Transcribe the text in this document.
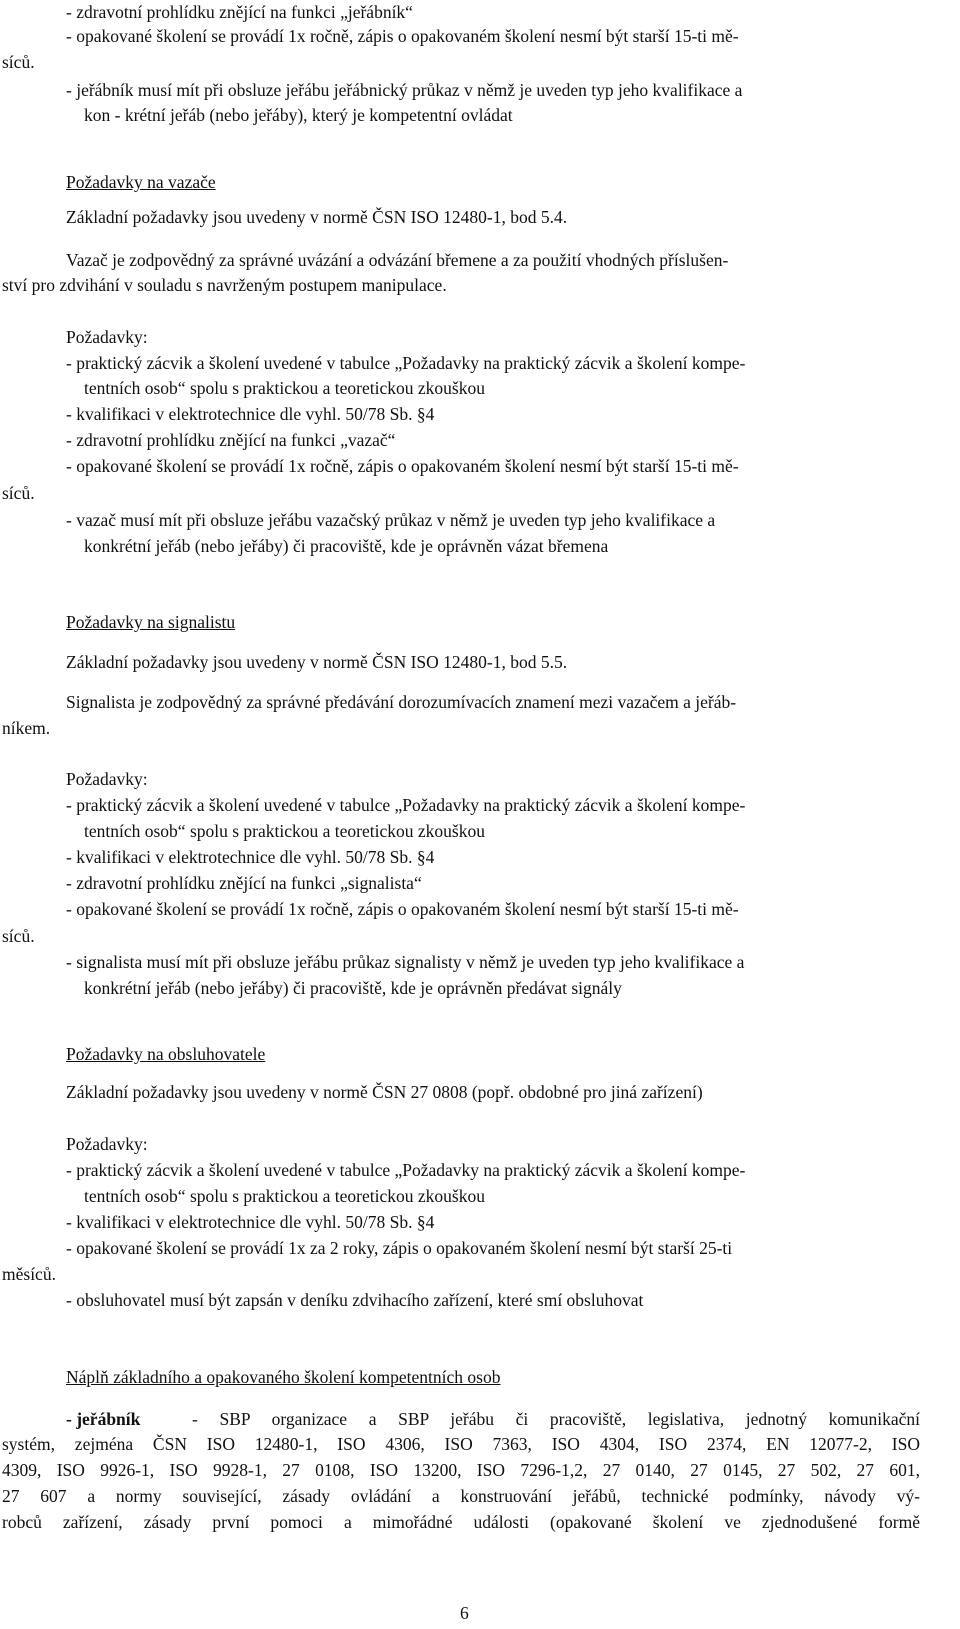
- zdravotní prohlídku znějící na funkci „jeřábník“
- opakované školení se provádí 1x ročně, zápis o opakovaném školení nesmí být starší 15-ti mě-
síců.
- jeřábník musí mít při obsluze jeřábu jeřábnický průkaz v němž je uveden typ jeho kvalifikace a
kon - krétní jeřáb (nebo jeřáby), který je kompetentní ovládat
Požadavky na vazače
Základní požadavky jsou uvedeny v normě ČSN ISO 12480-1, bod 5.4.
Vazač je zodpovědný za správné uvázání a odvázání břemene a za použití vhodných příslušen-
ství pro zdvihání v souladu s navrženým postupem manipulace.
Požadavky:
- praktický zácvik a školení uvedené v tabulce „Požadavky na praktický zácvik a školení kompe-
tentních osob“ spolu s praktickou a teoretickou zkouškou
- kvalifikaci v elektrotechnice dle vyhl. 50/78 Sb. §4
- zdravotní prohlídku znějící na funkci „vazač“
- opakované školení se provádí 1x ročně, zápis o opakovaném školení nesmí být starší 15-ti mě-
síců.
- vazač musí mít při obsluze jeřábu vazačský průkaz v němž je uveden typ jeho kvalifikace a
konkrétní jeřáb (nebo jeřáby) či pracoviště, kde je oprávněn vázat břemena
Požadavky na signalistu
Základní požadavky jsou uvedeny v normě ČSN ISO 12480-1, bod 5.5.
Signalista je zodpovědný za správné předávání dorozumívacích znamení mezi vazačem a jeřáb-
níkem.
Požadavky:
- praktický zácvik a školení uvedené v tabulce „Požadavky na praktický zácvik a školení kompe-
tentních osob“ spolu s praktickou a teoretickou zkouškou
- kvalifikaci v elektrotechnice dle vyhl. 50/78 Sb. §4
- zdravotní prohlídku znějící na funkci „signalista“
- opakované školení se provádí 1x ročně, zápis o opakovaném školení nesmí být starší 15-ti mě-
síců.
- signalista musí mít při obsluze jeřábu průkaz signalisty v němž je uveden typ jeho kvalifikace a
konkrétní jeřáb (nebo jeřáby) či pracoviště, kde je oprávněn předávat signály
Požadavky na obsluhovatele
Základní požadavky jsou uvedeny v normě ČSN 27 0808 (popř. obdobné pro jiná zařízení)
Požadavky:
- praktický zácvik a školení uvedené v tabulce „Požadavky na praktický zácvik a školení kompe-
tentních osob“ spolu s praktickou a teoretickou zkouškou
- kvalifikaci v elektrotechnice dle vyhl. 50/78 Sb. §4
- opakované školení se provádí 1x za 2 roky, zápis o opakovaném školení nesmí být starší 25-ti
měsíců.
- obsluhovatel musí být zapsán v deníku zdvihacího zařízení, které smí obsluhovat
Náplň základního a opakovaného školení kompetentních osob
- jeřábník	- SBP organizace a SBP jeřábu či pracoviště, legislativa, jednotný komunikační
systém, zejména ČSN ISO 12480-1, ISO 4306, ISO 7363, ISO 4304, ISO 2374, EN 12077-2, ISO
4309, ISO 9926-1, ISO 9928-1, 27 0108, ISO 13200, ISO 7296-1,2, 27 0140, 27 0145, 27 502, 27 601,
27 607 a normy související, zásady ovládání a konstruování jeřábů, technické podmínky, návody vý-
robců zařízení, zásady první pomoci a mimořádné události (opakované školení ve zjednodušené formě
6
